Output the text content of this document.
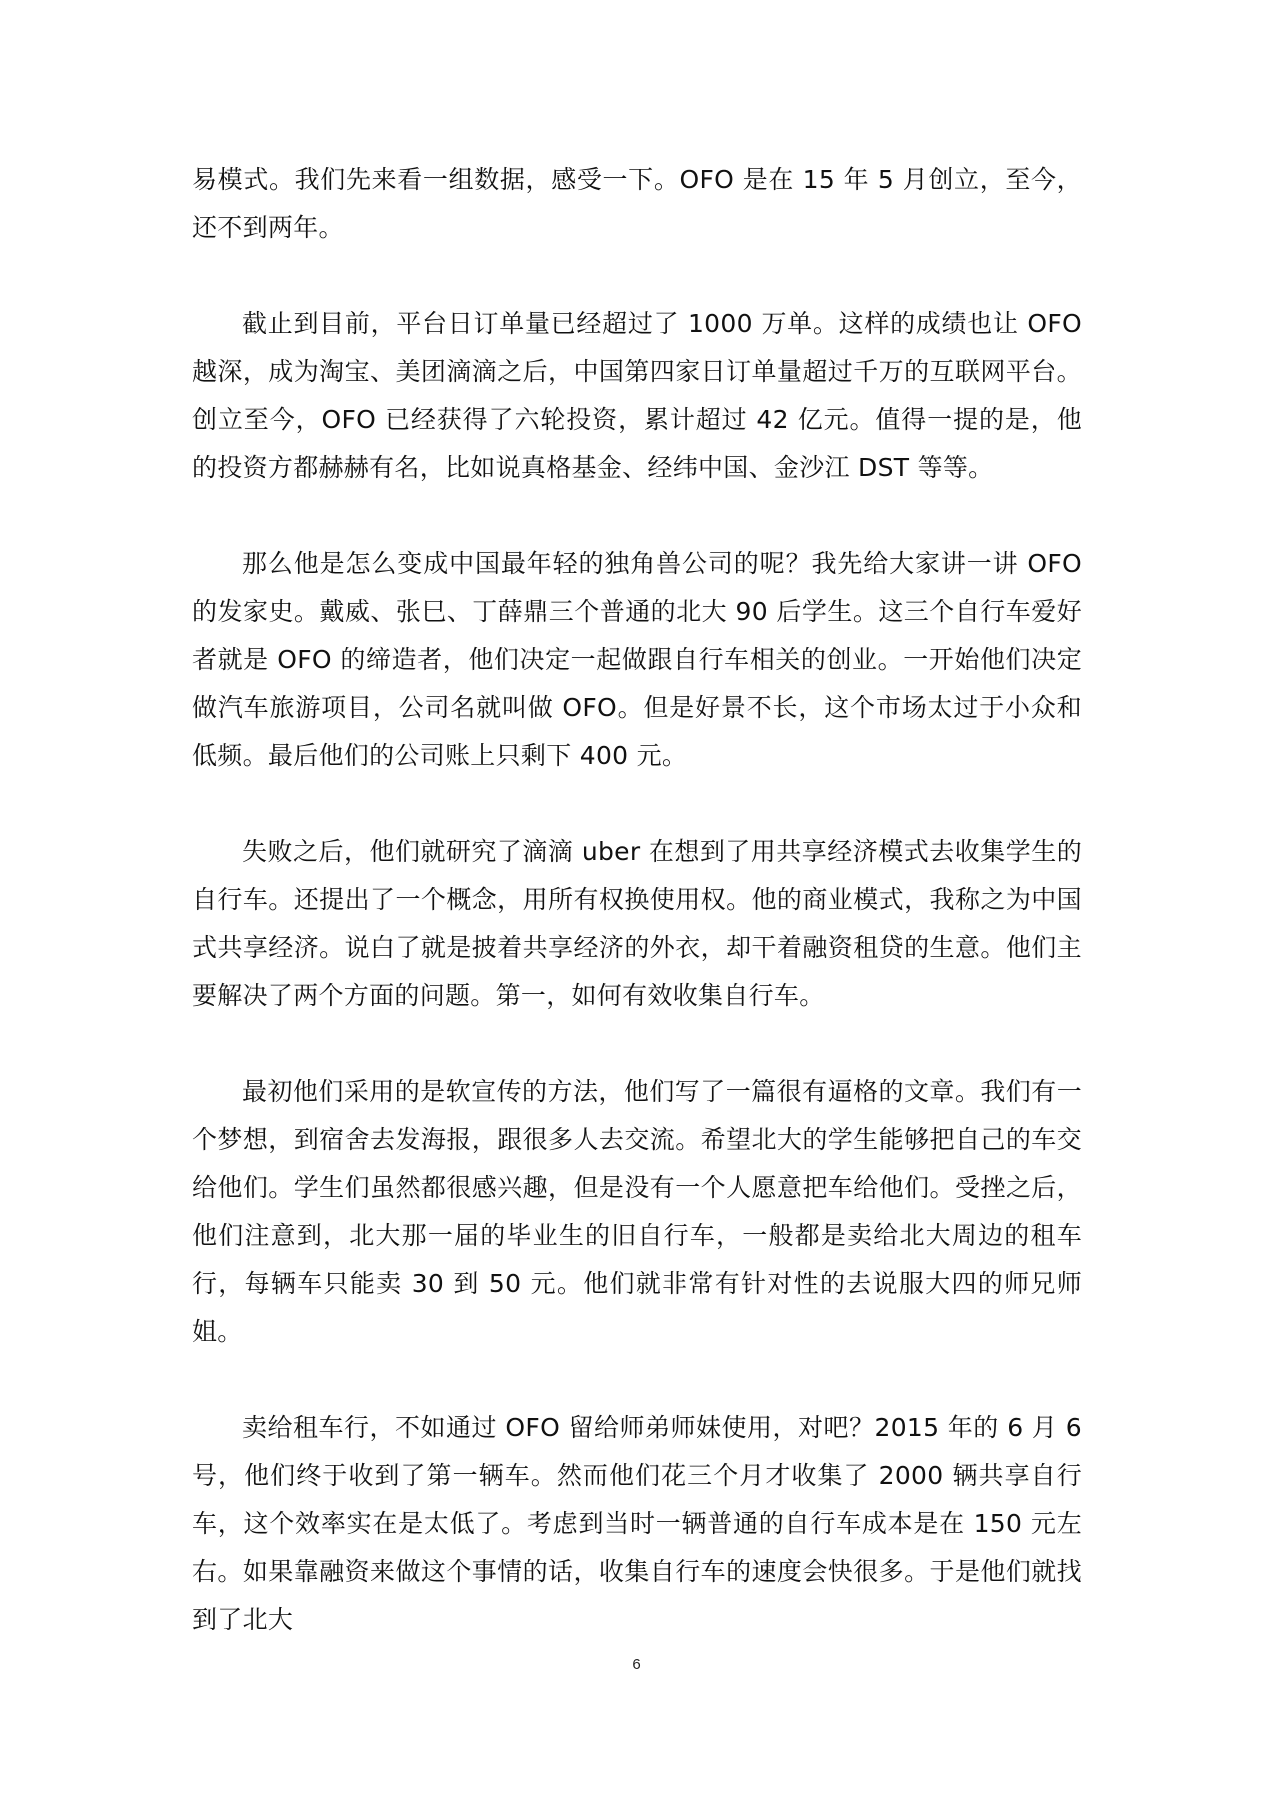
易模式。我们先来看一组数据，感受一下。OFO 是在 15 年 5 月创立，至今，还不到两年。

截止到目前，平台日订单量已经超过了 1000 万单。这样的成绩也让 OFO 越深，成为淘宝、美团滴滴之后，中国第四家日订单量超过千万的互联网平台。创立至今，OFO 已经获得了六轮投资，累计超过 42 亿元。值得一提的是，他的投资方都赫赫有名，比如说真格基金、经纬中国、金沙江 DST 等等。

那么他是怎么变成中国最年轻的独角兽公司的呢？我先给大家讲一讲 OFO 的发家史。戴威、张巳、丁薛鼎三个普通的北大 90 后学生。这三个自行车爱好者就是 OFO 的缔造者，他们决定一起做跟自行车相关的创业。一开始他们决定做汽车旅游项目，公司名就叫做 OFO。但是好景不长，这个市场太过于小众和低频。最后他们的公司账上只剩下 400 元。

失败之后，他们就研究了滴滴 uber 在想到了用共享经济模式去收集学生的自行车。还提出了一个概念，用所有权换使用权。他的商业模式，我称之为中国式共享经济。说白了就是披着共享经济的外衣，却干着融资租贷的生意。他们主要解决了两个方面的问题。第一，如何有效收集自行车。

最初他们采用的是软宣传的方法，他们写了一篇很有逼格的文章。我们有一个梦想，到宿舍去发海报，跟很多人去交流。希望北大的学生能够把自己的车交给他们。学生们虽然都很感兴趣，但是没有一个人愿意把车给他们。受挫之后，他们注意到，北大那一届的毕业生的旧自行车，一般都是卖给北大周边的租车行，每辆车只能卖 30 到 50 元。他们就非常有针对性的去说服大四的师兄师姐。

卖给租车行，不如通过 OFO 留给师弟师妹使用，对吧？2015 年的 6 月 6 号，他们终于收到了第一辆车。然而他们花三个月才收集了 2000 辆共享自行车，这个效率实在是太低了。考虑到当时一辆普通的自行车成本是在 150 元左右。如果靠融资来做这个事情的话，收集自行车的速度会快很多。于是他们就找到了北大

6
